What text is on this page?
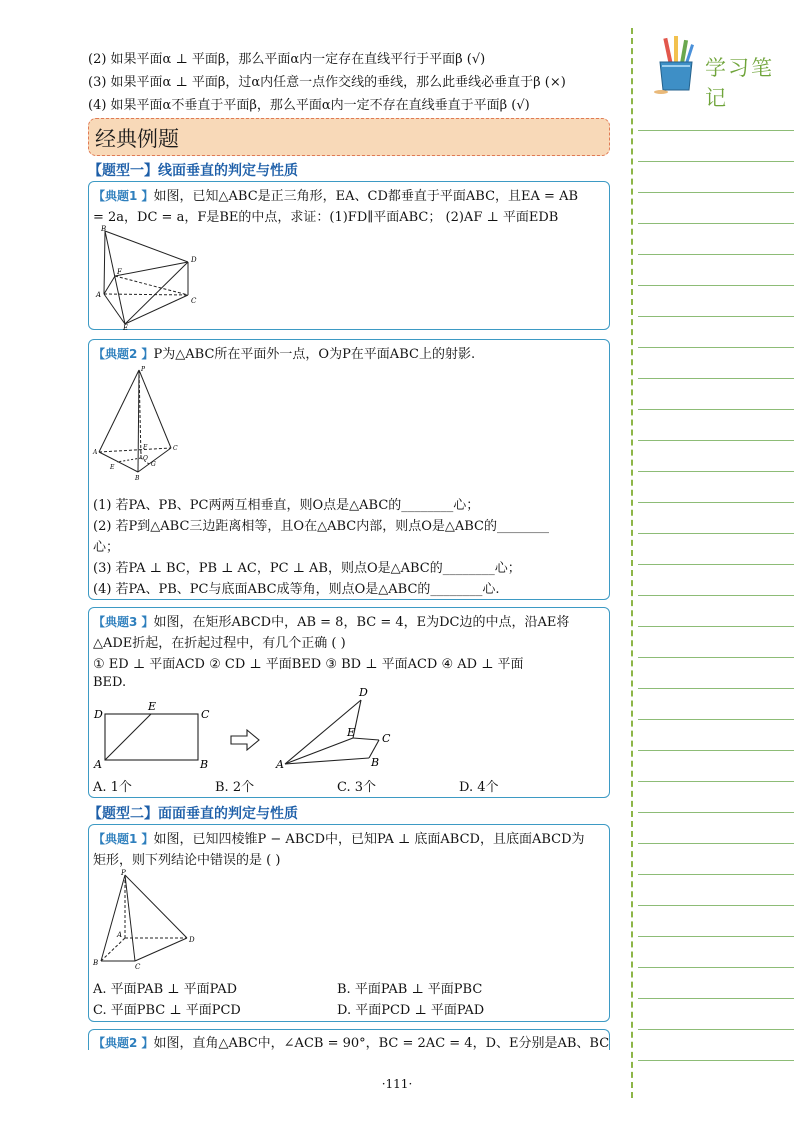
(2) 如果平面α ⊥ 平面β，那么平面α内一定存在直线平行于平面β (√)
(3) 如果平面α ⊥ 平面β，过α内任意一点作交线的垂线，那么此垂线必垂直于β (×)
(4) 如果平面α不垂直于平面β，那么平面α内一定不存在直线垂直于平面β (√)
经典例题
【题型一】线面垂直的判定与性质
【典题1 】如图，已知△ABC是正三角形，EA、CD都垂直于平面ABC，且EA = AB
= 2a，DC = a，F是BE的中点，求证：(1)FD∥平面ABC； (2)AF ⊥ 平面EDB
B
D
F
A
C
E
【典题2 】P为△ABC所在平面外一点，O为P在平面ABC上的射影.
P
A
B
C
E
F
G
O
(1) 若PA、PB、PC两两互相垂直，则O点是△ABC的________心；
(2) 若P到△ABC三边距离相等，且O在△ABC内部，则点O是△ABC的________
心；
(3) 若PA ⊥ BC，PB ⊥ AC，PC ⊥ AB，则点O是△ABC的________心；
(4) 若PA、PB、PC与底面ABC成等角，则点O是△ABC的________心.
【典题3 】如图，在矩形ABCD中，AB = 8，BC = 4，E为DC边的中点，沿AE将
△ADE折起，在折起过程中，有几个正确 ( )
① ED ⊥ 平面ACD ② CD ⊥ 平面BED ③ BD ⊥ 平面ACD ④ AD ⊥ 平面
BED.
D
E
C
A	B
D
E C
A	B
A. 1个	B. 2个	C. 3个	D. 4个
【题型二】面面垂直的判定与性质
【典题1 】如图，已知四棱锥P − ABCD中，已知PA ⊥ 底面ABCD，且底面ABCD为
矩形，则下列结论中错误的是 ( )
P
A
B	C
D
A. 平面PAB ⊥ 平面PAD	B. 平面PAB ⊥ 平面PBC
C. 平面PBC ⊥ 平面PCD	D. 平面PCD ⊥ 平面PAD
【典题2 】如图，直角△ABC中，∠ACB = 90°，BC = 2AC = 4，D、E分别是AB、BC
·111·
学习笔记
